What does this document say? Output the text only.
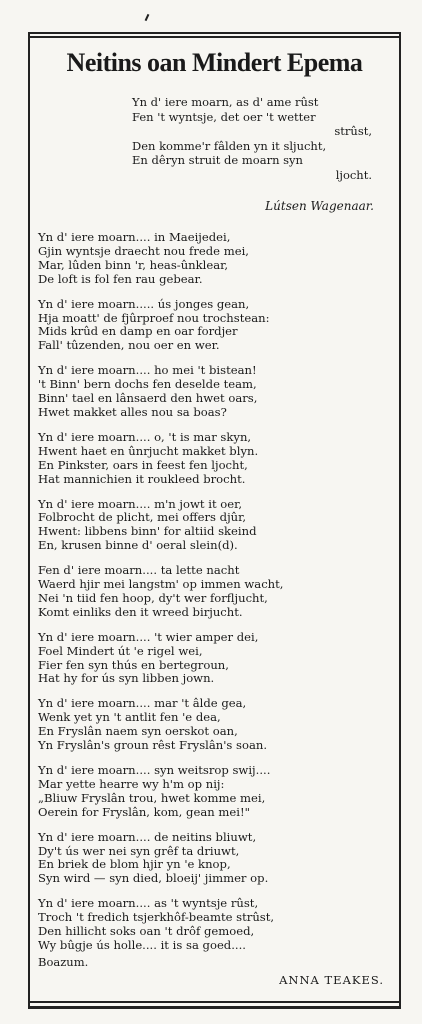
Neitins oan Mindert Epema
Yn d' iere moarn, as d' ame rûst
Fen 't wyntsje, det oer 't wetter
strûst,
Den komme'r fâlden yn it sljucht,
En dêryn struit de moarn syn
ljocht.
Lútsen Wagenaar.
Yn d' iere moarn.... in Maeijedei,
Gjin wyntsje draecht nou frede mei,
Mar, lûden binn 'r, heas-ûnklear,
De loft is fol fen rau gebear.
Yn d' iere moarn..... ús jonges gean,
Hja moatt' de fjûrproef nou trochstean:
Mids krûd en damp en oar fordjer
Fall' tûzenden, nou oer en wer.
Yn d' iere moarn.... ho mei 't bistean!
't Binn' bern dochs fen deselde team,
Binn' tael en lânsaerd den hwet oars,
Hwet makket alles nou sa boas?
Yn d' iere moarn.... o, 't is mar skyn,
Hwent haet en ûnrjucht makket blyn.
En Pinkster, oars in feest fen ljocht,
Hat mannichien it roukleed brocht.
Yn d' iere moarn.... m'n jowt it oer,
Folbrocht de plicht, mei offers djûr,
Hwent: libbens binn' for altiid skeind
En, krusen binne d' oeral slein(d).
Fen d' iere moarn.... ta lette nacht
Waerd hjir mei langstm' op immen wacht,
Nei 'n tiid fen hoop, dy't wer forfljucht,
Komt einliks den it wreed birjucht.
Yn d' iere moarn.... 't wier amper dei,
Foel Mindert út 'e rigel wei,
Fier fen syn thús en bertegroun,
Hat hy for ús syn libben jown.
Yn d' iere moarn.... mar 't âlde gea,
Wenk yet yn 't antlit fen 'e dea,
En Fryslân naem syn oerskot oan,
Yn Fryslân's groun rêst Fryslân's soan.
Yn d' iere moarn.... syn weitsrop swij....
Mar yette hearre wy h'm op nij:
„Bliuw Fryslân trou, hwet komme mei,
Oerein for Fryslân, kom, gean mei!"
Yn d' iere moarn.... de neitins bliuwt,
Dy't ús wer nei syn grêf ta driuwt,
En briek de blom hjir yn 'e knop,
Syn wird — syn died, bloeij' jimmer op.
Yn d' iere moarn.... as 't wyntsje rûst,
Troch 't fredich tsjerkhôf-beamte strûst,
Den hillicht soks oan 't drôf gemoed,
Wy bûgje ús holle.... it is sa goed....
Boazum.
ANNA TEAKES.
